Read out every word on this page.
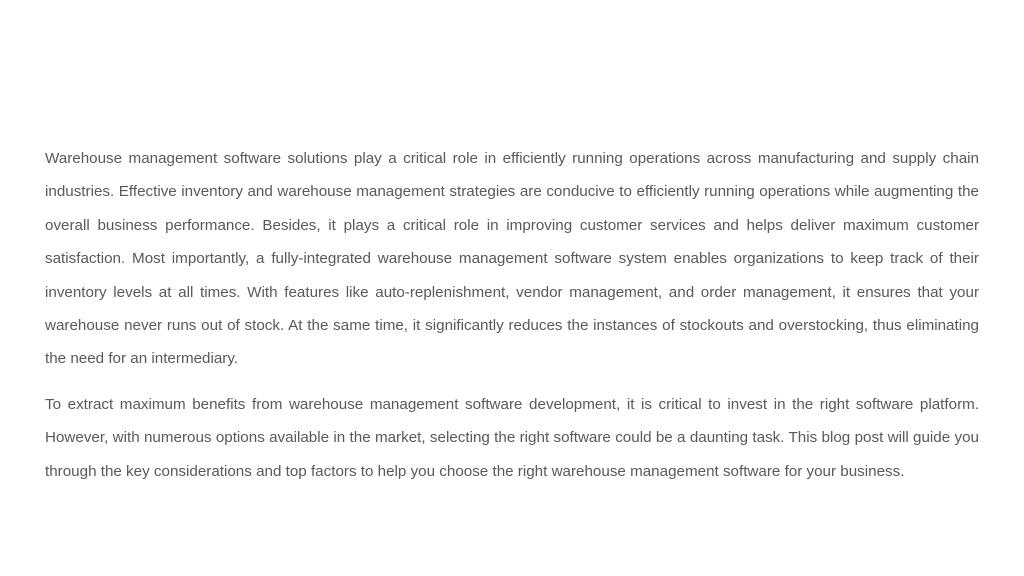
Warehouse management software solutions play a critical role in efficiently running operations across manufacturing and supply chain industries. Effective inventory and warehouse management strategies are conducive to efficiently running operations while augmenting the overall business performance. Besides, it plays a critical role in improving customer services and helps deliver maximum customer satisfaction. Most importantly, a fully-integrated warehouse management software system enables organizations to keep track of their inventory levels at all times. With features like auto-replenishment, vendor management, and order management, it ensures that your warehouse never runs out of stock. At the same time, it significantly reduces the instances of stockouts and overstocking, thus eliminating the need for an intermediary.

To extract maximum benefits from warehouse management software development, it is critical to invest in the right software platform. However, with numerous options available in the market, selecting the right software could be a daunting task. This blog post will guide you through the key considerations and top factors to help you choose the right warehouse management software for your business.
